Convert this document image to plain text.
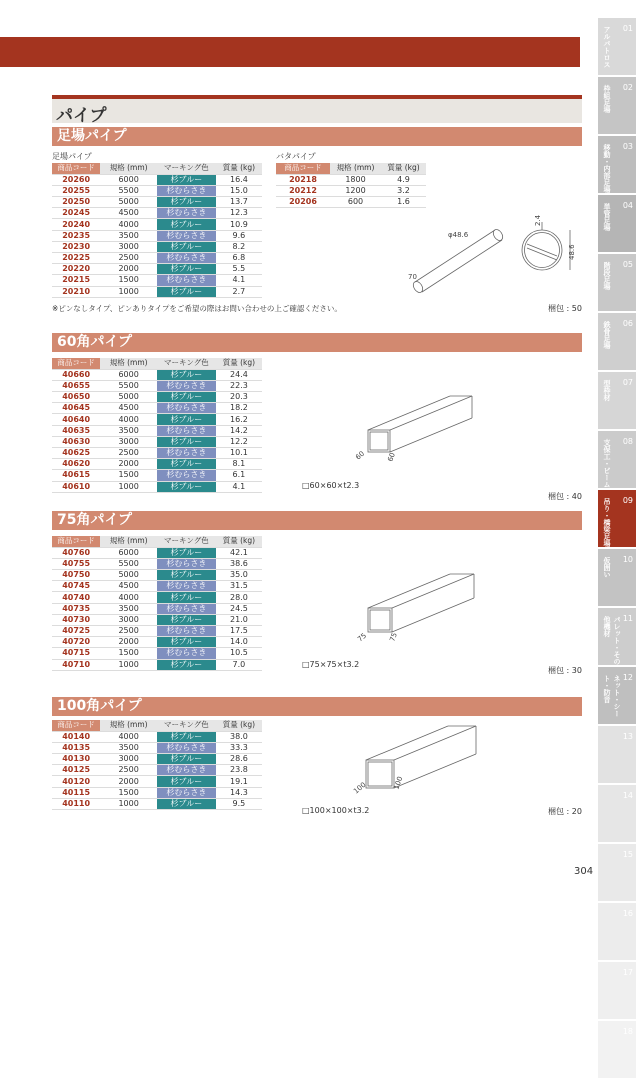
パイプ
足場パイプ
足場パイプ	バタパイプ
商品コード	規格 (mm)	マーキング色	質量 (kg)
20260	6000	杉ブルー	16.4
20255	5500	杉むらさき	15.0
20250	5000	杉ブルー	13.7
20245	4500	杉むらさき	12.3
20240	4000	杉ブルー	10.9
20235	3500	杉むらさき	9.6
20230	3000	杉ブルー	8.2
20225	2500	杉むらさき	6.8
20220	2000	杉ブルー	5.5
20215	1500	杉むらさき	4.1
20210	1000	杉ブルー	2.7
商品コード	規格 (mm)	質量 (kg)
20218	1800	4.9
20212	1200	3.2
20206	600	1.6
φ48.6
70
48.6
2.4
※ピンなしタイプ、ピンありタイプをご希望の際はお問い合わせの上ご確認ください。	梱包 : 50
60角パイプ
商品コード	規格 (mm)	マーキング色	質量 (kg)
40660	6000	杉ブルー	24.4
40655	5500	杉むらさき	22.3
40650	5000	杉ブルー	20.3
40645	4500	杉むらさき	18.2
40640	4000	杉ブルー	16.2
40635	3500	杉むらさき	14.2
40630	3000	杉ブルー	12.2
40625	2500	杉むらさき	10.1
40620	2000	杉ブルー	8.1
40615	1500	杉むらさき	6.1
40610	1000	杉ブルー	4.1
60	60
□60×60×t2.3
梱包 : 40
75角パイプ
商品コード	規格 (mm)	マーキング色	質量 (kg)
40760	6000	杉ブルー	42.1
40755	5500	杉むらさき	38.6
40750	5000	杉ブルー	35.0
40745	4500	杉むらさき	31.5
40740	4000	杉ブルー	28.0
40735	3500	杉むらさき	24.5
40730	3000	杉ブルー	21.0
40725	2500	杉むらさき	17.5
40720	2000	杉ブルー	14.0
40715	1500	杉むらさき	10.5
40710	1000	杉ブルー	7.0
75	75
□75×75×t3.2
梱包 : 30
100角パイプ
商品コード	規格 (mm)	マーキング色	質量 (kg)
40140	4000	杉ブルー	38.0
40135	3500	杉むらさき	33.3
40130	3000	杉ブルー	28.6
40125	2500	杉むらさき	23.8
40120	2000	杉ブルー	19.1
40115	1500	杉むらさき	14.3
40110	1000	杉ブルー	9.5
100	100
□100×100×t3.2	梱包 : 20
アルバトロス 01
枠組足場 02
移動・内部足場 03
単管足場 04
階段足場 05
鉄骨足場 06
型枠材 07
支保工・ビーム 08
吊り・橋梁足場 09
仮囲い 10
パレット・その他機材	11
ネット・シート・防音	12
13
14
15
16
17
18
304
